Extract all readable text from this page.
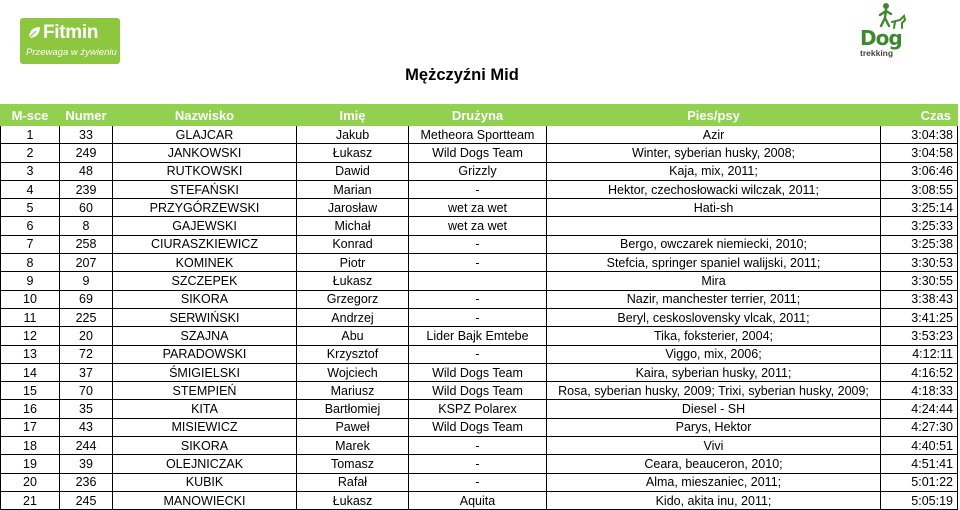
Fitmin
Przewaga w żywieniu
Dog
trekking
Mężczyźni Mid
M-sce	Numer	Nazwisko	Imię	Drużyna	Pies/psy	Czas
1	33	GLAJCAR	Jakub	Metheora Sportteam	Azir	3:04:38
2	249	JANKOWSKI	Łukasz	Wild Dogs Team	Winter, syberian husky, 2008;	3:04:58
3	48	RUTKOWSKI	Dawid	Grizzly	Kaja, mix, 2011;	3:06:46
4	239	STEFAŃSKI	Marian	-	Hektor, czechosłowacki wilczak, 2011;	3:08:55
5	60	PRZYGÓRZEWSKI	Jarosław	wet za wet	Hati-sh	3:25:14
6	8	GAJEWSKI	Michał	wet za wet		3:25:33
7	258	CIURASZKIEWICZ	Konrad	-	Bergo, owczarek niemiecki, 2010;	3:25:38
8	207	KOMINEK	Piotr	-	Stefcia, springer spaniel walijski, 2011;	3:30:53
9	9	SZCZEPEK	Łukasz		Mira	3:30:55
10	69	SIKORA	Grzegorz	-	Nazir, manchester terrier, 2011;	3:38:43
11	225	SERWIŃSKI	Andrzej	-	Beryl, ceskoslovensky vlcak, 2011;	3:41:25
12	20	SZAJNA	Abu	Lider Bajk Emtebe	Tika, foksterier, 2004;	3:53:23
13	72	PARADOWSKI	Krzysztof	-	Viggo, mix, 2006;	4:12:11
14	37	ŚMIGIELSKI	Wojciech	Wild Dogs Team	Kaira, syberian husky, 2011;	4:16:52
15	70	STEMPIEŃ	Mariusz	Wild Dogs Team	Rosa, syberian husky, 2009; Trixi, syberian husky, 2009;	4:18:33
16	35	KITA	Bartłomiej	KSPZ Polarex	Diesel - SH	4:24:44
17	43	MISIEWICZ	Paweł	Wild Dogs Team	Parys, Hektor	4:27:30
18	244	SIKORA	Marek	-	Vivi	4:40:51
19	39	OLEJNICZAK	Tomasz	-	Ceara, beauceron, 2010;	4:51:41
20	236	KUBIK	Rafał	-	Alma, mieszaniec, 2011;	5:01:22
21	245	MANOWIECKI	Łukasz	Aquita	Kido, akita inu, 2011;	5:05:19
